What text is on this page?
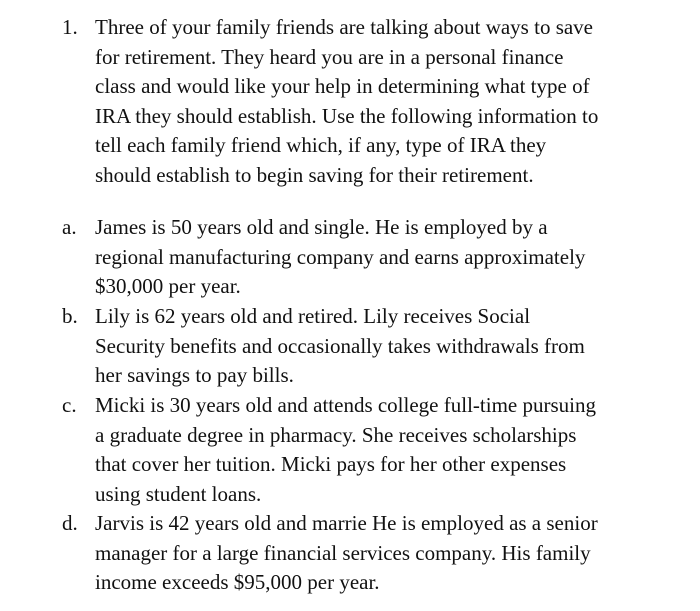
1. Three of your family friends are talking about ways to save
for retirement. They heard you are in a personal finance
class and would like your help in determining what type of
IRA they should establish. Use the following information to
tell each family friend which, if any, type of IRA they
should establish to begin saving for their retirement.
a. James is 50 years old and single. He is employed by a
regional manufacturing company and earns approximately
$30,000 per year.
b. Lily is 62 years old and retired. Lily receives Social
Security benefits and occasionally takes withdrawals from
her savings to pay bills.
c. Micki is 30 years old and attends college full-time pursuing
a graduate degree in pharmacy. She receives scholarships
that cover her tuition. Micki pays for her other expenses
using student loans.
d. Jarvis is 42 years old and marrie He is employed as a senior
manager for a large financial services company. His family
income exceeds $95,000 per year.
